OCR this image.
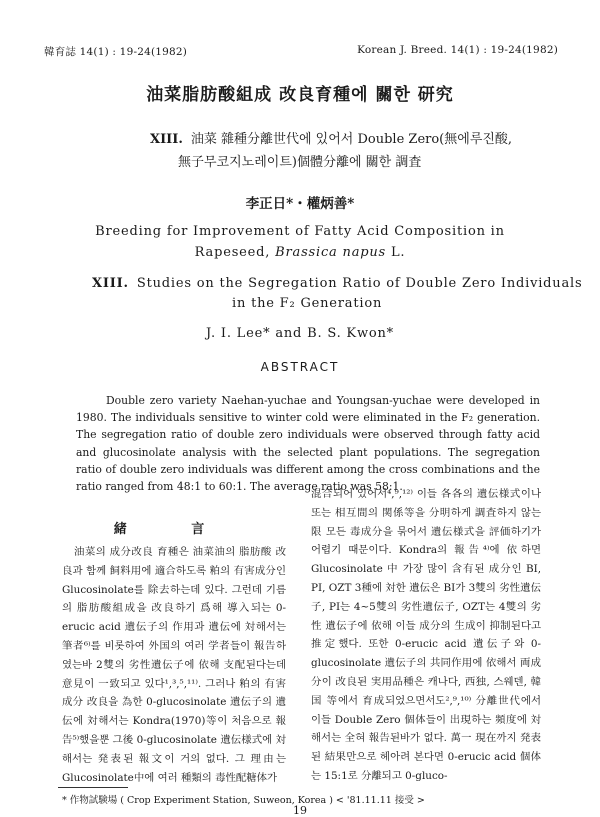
韓育誌 14(1) : 19-24(1982)	Korean J. Breed. 14(1) : 19-24(1982)
油菜脂肪酸組成 改良育種에 關한 研究
XIII. 油菜 雜種分離世代에 있어서 Double Zero(無에루진酸,
無子무코지노레이트)個體分離에 關한 調査
李正日*・權炳善*
Breeding for Improvement of Fatty Acid Composition in
Rapeseed, Brassica napus L.
XIII. Studies on the Segregation Ratio of Double Zero Individuals
in the F₂ Generation
J. I. Lee* and B. S. Kwon*
ABSTRACT

Double zero variety Naehan-yuchae and Youngsan-yuchae were developed in 1980. The individuals sensitive to winter cold were eliminated in the F₂ generation. The segregation ratio of double zero individuals were observed through fatty acid and glucosinolate analysis with the selected plant populations. The segregation ratio of double zero individuals was different among the cross combinations and the ratio ranged from 48:1 to 60:1. The average ratio was 58:1.

緒 言

油菜의 成分改良 育種은 油菜油의 脂肪酸 改良과 함께 飼料用에 適合하도록 粕의 有害成分인 Glucosinolate를 除去하는데 있다. 그런데 기름의 脂肪酸組成을 改良하기 爲해 導入되는 0-erucic acid 遺伝子의 作用과 遺伝에 対해서는 筆者⁶⁾를 비롯하여 外国의 여러 学者들이 報告하였는바 2雙의 劣性遺伝子에 依해 支配된다는데 意見이 一致되고 있다¹,³,⁵,¹¹⁾. 그러나 粕의 有害成分 改良을 為한 0-glucosinolate 遺伝子의 遺伝에 対해서는 Kondra(1970)等이 처음으로 報告⁵⁾했을뿐 그後 0-glucosinolate 遺伝様式에 対해서는 発表된 報文이 거의 없다. 그 理由는 Glucosinolate中에 여러 種類의 毒性配糖体가

混合되어 있어서⁴,⁹,¹²⁾ 이들 各各의 遺伝様式이나 또는 相互間의 関係等을 分明하게 調査하지 않는限 모든 毒成分을 묶어서 遺伝様式을 評価하기가 어렵기 때문이다. Kondra의 報告⁴⁾에 依하면 Glucosinolate 中 가장 많이 含有된 成分인 BI, PI, OZT 3種에 対한 遺伝은 BI가 3雙의 劣性遺伝子, PI는 4~5雙의 劣性遺伝子, OZT는 4雙의 劣性 遺伝子에 依해 이들 成分의 生成이 抑制된다고 推定했다. 또한 0-erucic acid 遺伝子와 0-glucosinolate 遺伝子의 共同作用에 依해서 両成分이 改良된 実用品種은 캐나다, 西独, 스웨덴, 韓国 等에서 育成되었으면서도²,⁹,¹⁰⁾ 分離世代에서 이들 Double Zero 個体들이 出現하는 頻度에 対해서는 全혀 報告된바가 없다. 萬一 現在까지 発表된 結果만으로 헤아려 본다면 0-erucic acid 個体는 15:1로 分離되고 0-gluco-

* 作物試験場 ( Crop Experiment Station, Suweon, Korea ) < '81.11.11 接受 >
19
